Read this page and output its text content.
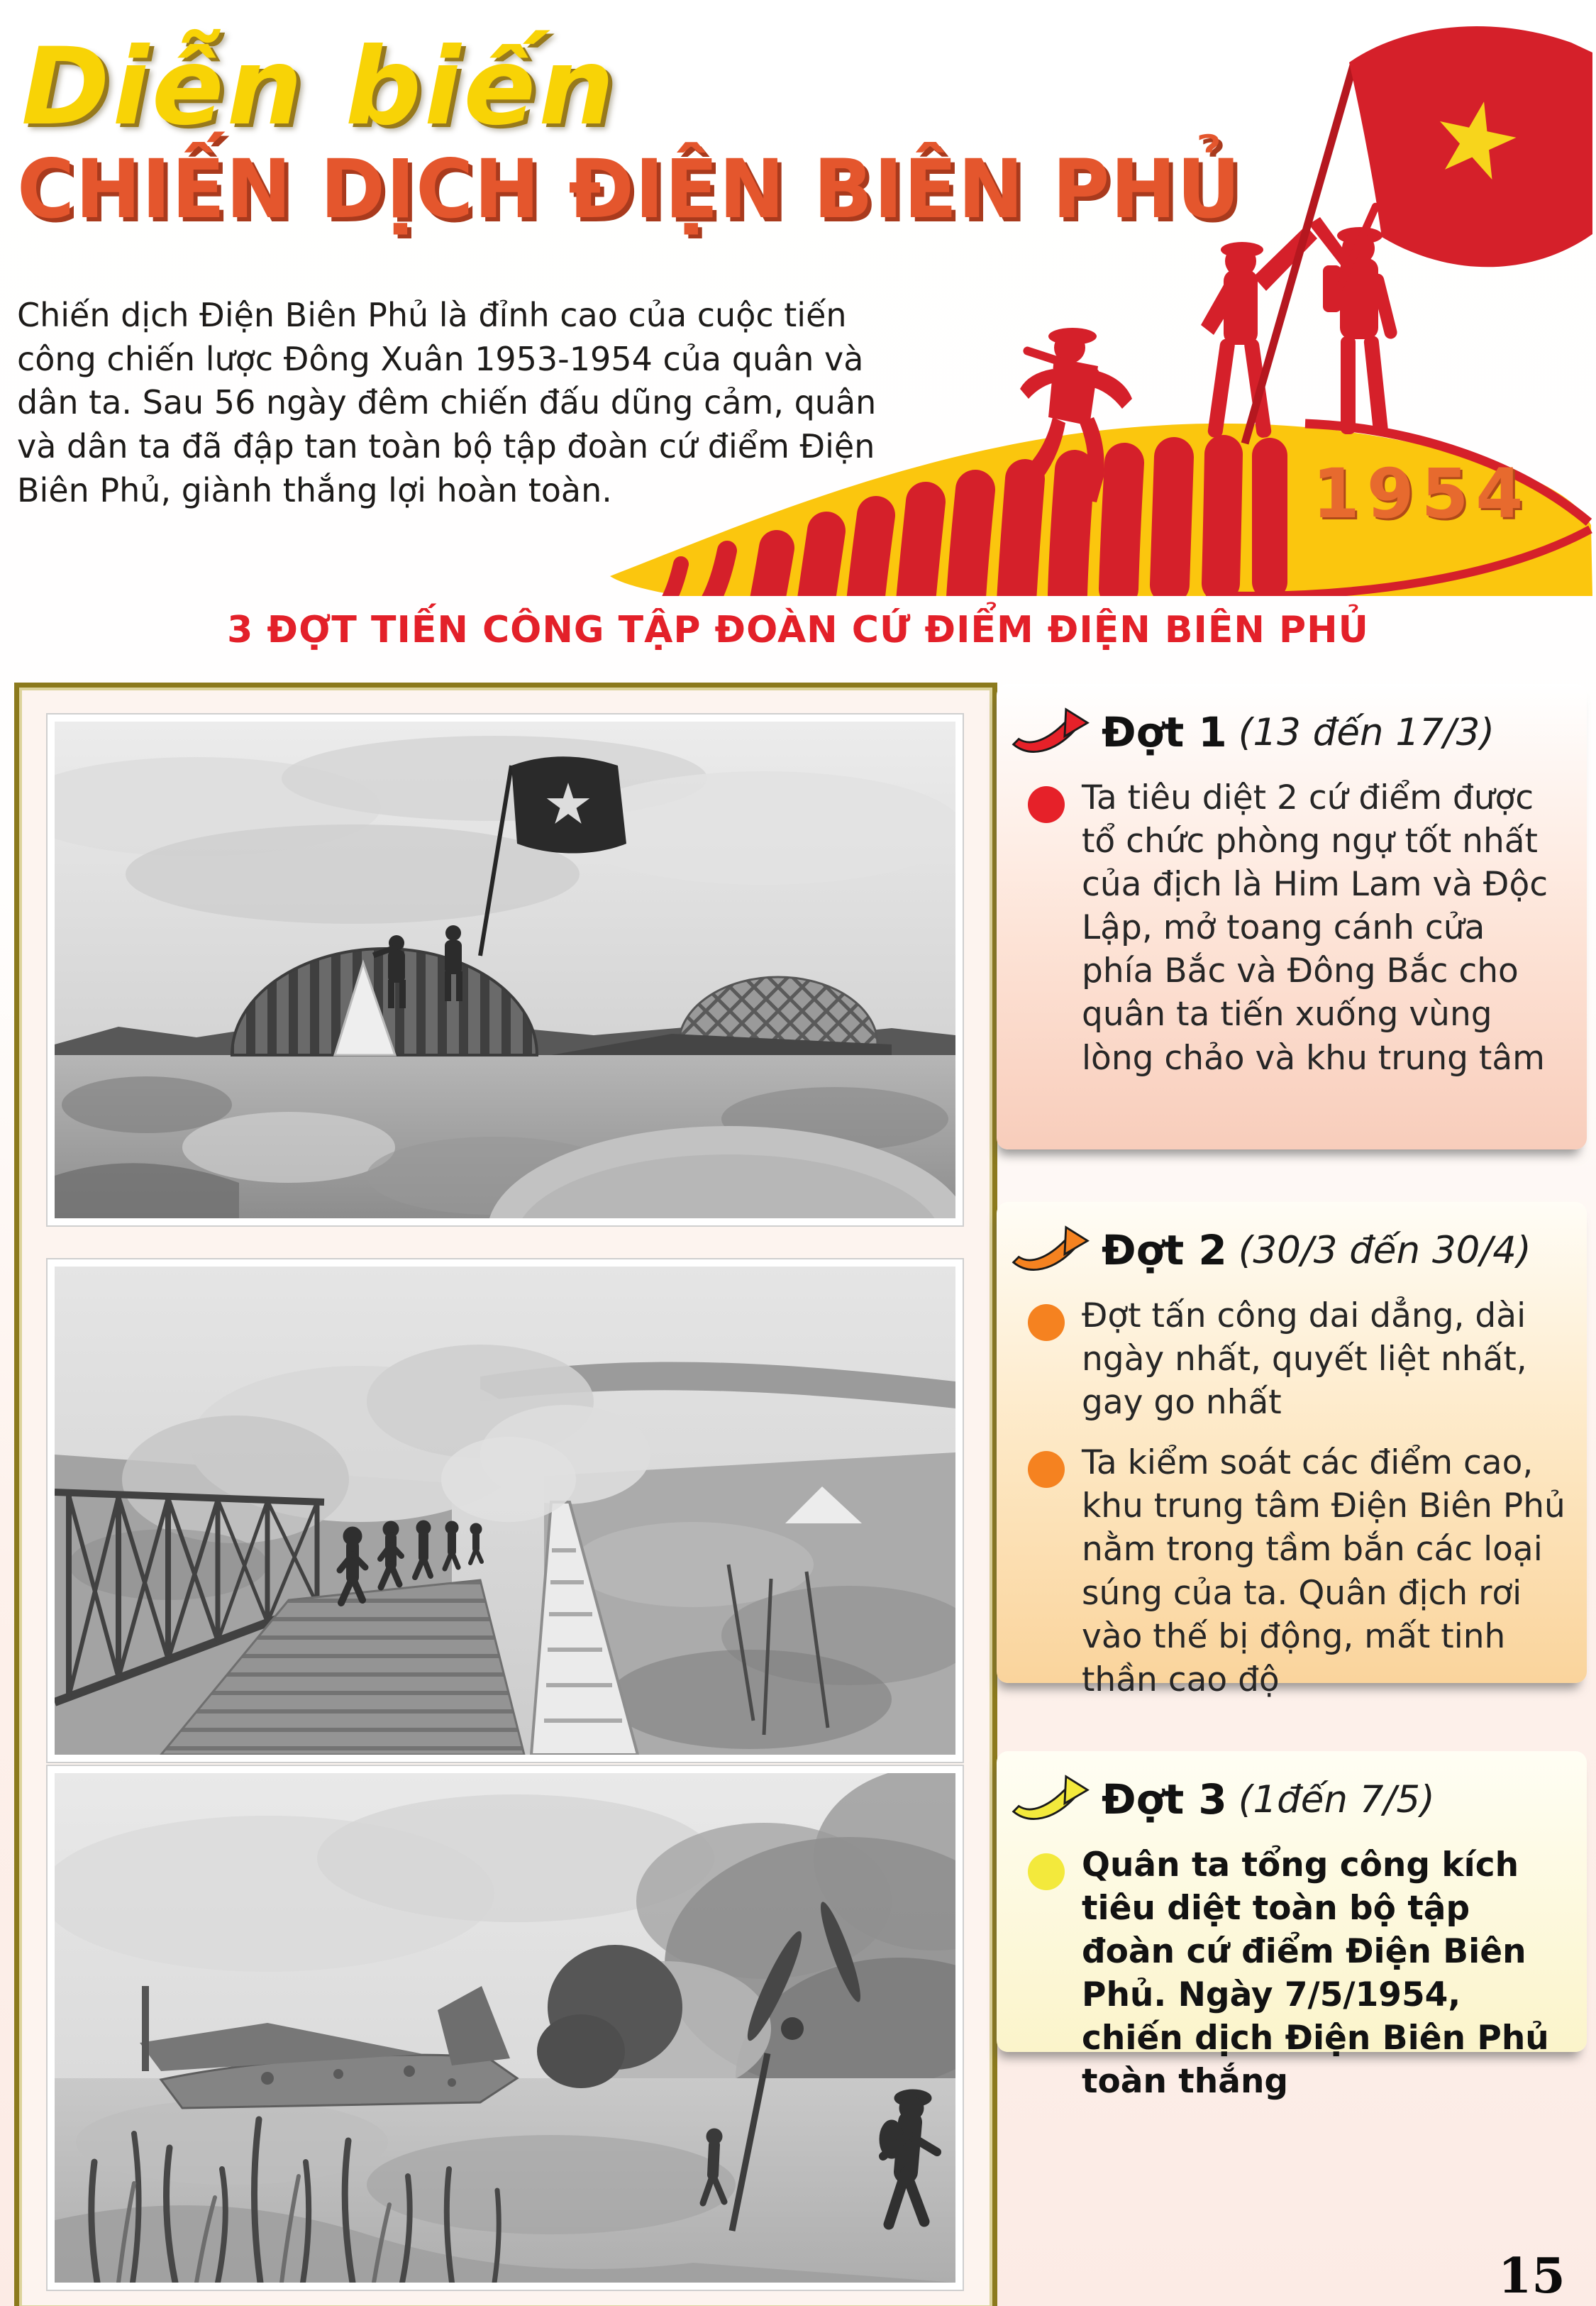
Diễn biến
CHIẾN DỊCH ĐIỆN BIÊN PHỦ
Chiến dịch Điện Biên Phủ là đỉnh cao của cuộc tiến công chiến lược Đông Xuân 1953-1954 của quân và dân ta. Sau 56 ngày đêm chiến đấu dũng cảm, quân và dân ta đã đập tan toàn bộ tập đoàn cứ điểm Điện Biên Phủ, giành thắng lợi hoàn toàn.	1954
3 ĐỢT TIẾN CÔNG TẬP ĐOÀN CỨ ĐIỂM ĐIỆN BIÊN PHỦ
Đợt 1 (13 đến 17/3)
Ta tiêu diệt 2 cứ điểm được tổ chức phòng ngự tốt nhất của địch là Him Lam và Độc Lập, mở toang cánh cửa phía Bắc và Đông Bắc cho quân ta tiến xuống vùng lòng chảo và khu trung tâm
Đợt 2 (30/3 đến 30/4)
Đợt tấn công dai dẳng, dài ngày nhất, quyết liệt nhất, gay go nhất
Ta kiểm soát các điểm cao, khu trung tâm Điện Biên Phủ nằm trong tầm bắn các loại súng của ta. Quân địch rơi vào thế bị động, mất tinh thần cao độ
Đợt 3 (1đến 7/5)
Quân ta tổng công kích tiêu diệt toàn bộ tập đoàn cứ điểm Điện Biên Phủ. Ngày 7/5/1954, chiến dịch Điện Biên Phủ toàn thắng
15
